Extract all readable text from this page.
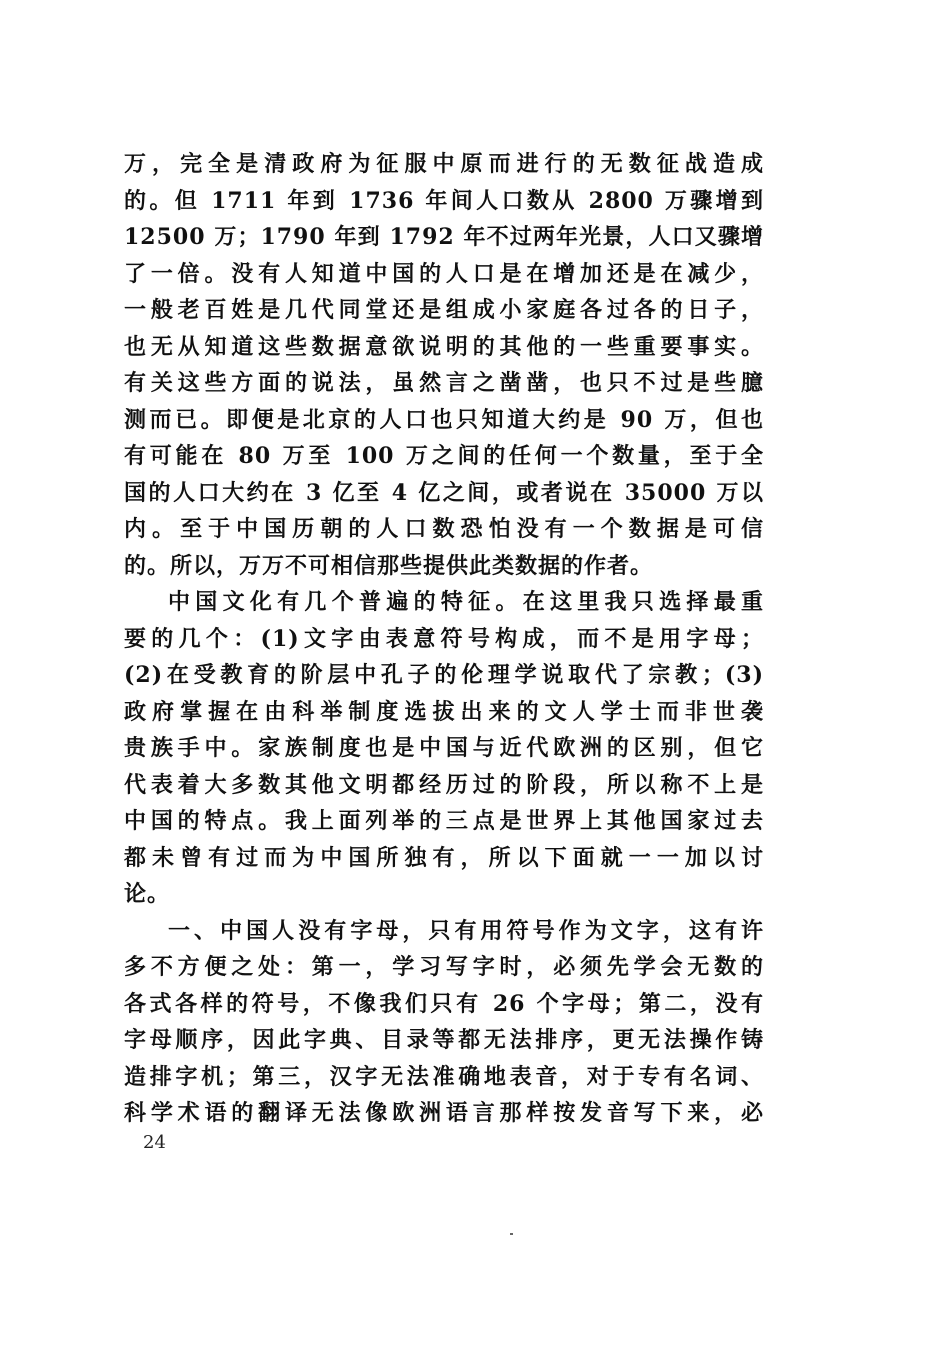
万，完全是清政府为征服中原而进行的无数征战造成
的。但 1711 年到 1736 年间人口数从 2800 万骤增到
12500 万；1790 年到 1792 年不过两年光景，人口又骤增
了一倍。没有人知道中国的人口是在增加还是在减少，
一般老百姓是几代同堂还是组成小家庭各过各的日子，
也无从知道这些数据意欲说明的其他的一些重要事实。
有关这些方面的说法，虽然言之凿凿，也只不过是些臆
测而已。即便是北京的人口也只知道大约是 90 万，但也
有可能在 80 万至 100 万之间的任何一个数量，至于全
国的人口大约在 3 亿至 4 亿之间，或者说在 35000 万以
内。至于中国历朝的人口数恐怕没有一个数据是可信
的。所以，万万不可相信那些提供此类数据的作者。
中国文化有几个普遍的特征。在这里我只选择最重
要的几个：(1)文字由表意符号构成，而不是用字母；
(2)在受教育的阶层中孔子的伦理学说取代了宗教；(3)
政府掌握在由科举制度选拔出来的文人学士而非世袭
贵族手中。家族制度也是中国与近代欧洲的区别，但它
代表着大多数其他文明都经历过的阶段，所以称不上是
中国的特点。我上面列举的三点是世界上其他国家过去
都未曾有过而为中国所独有，所以下面就一一加以讨
论。
一、中国人没有字母，只有用符号作为文字，这有许
多不方便之处：第一，学习写字时，必须先学会无数的
各式各样的符号，不像我们只有 26 个字母；第二，没有
字母顺序，因此字典、目录等都无法排序，更无法操作铸
造排字机；第三，汉字无法准确地表音，对于专有名词、
科学术语的翻译无法像欧洲语言那样按发音写下来，必
24
